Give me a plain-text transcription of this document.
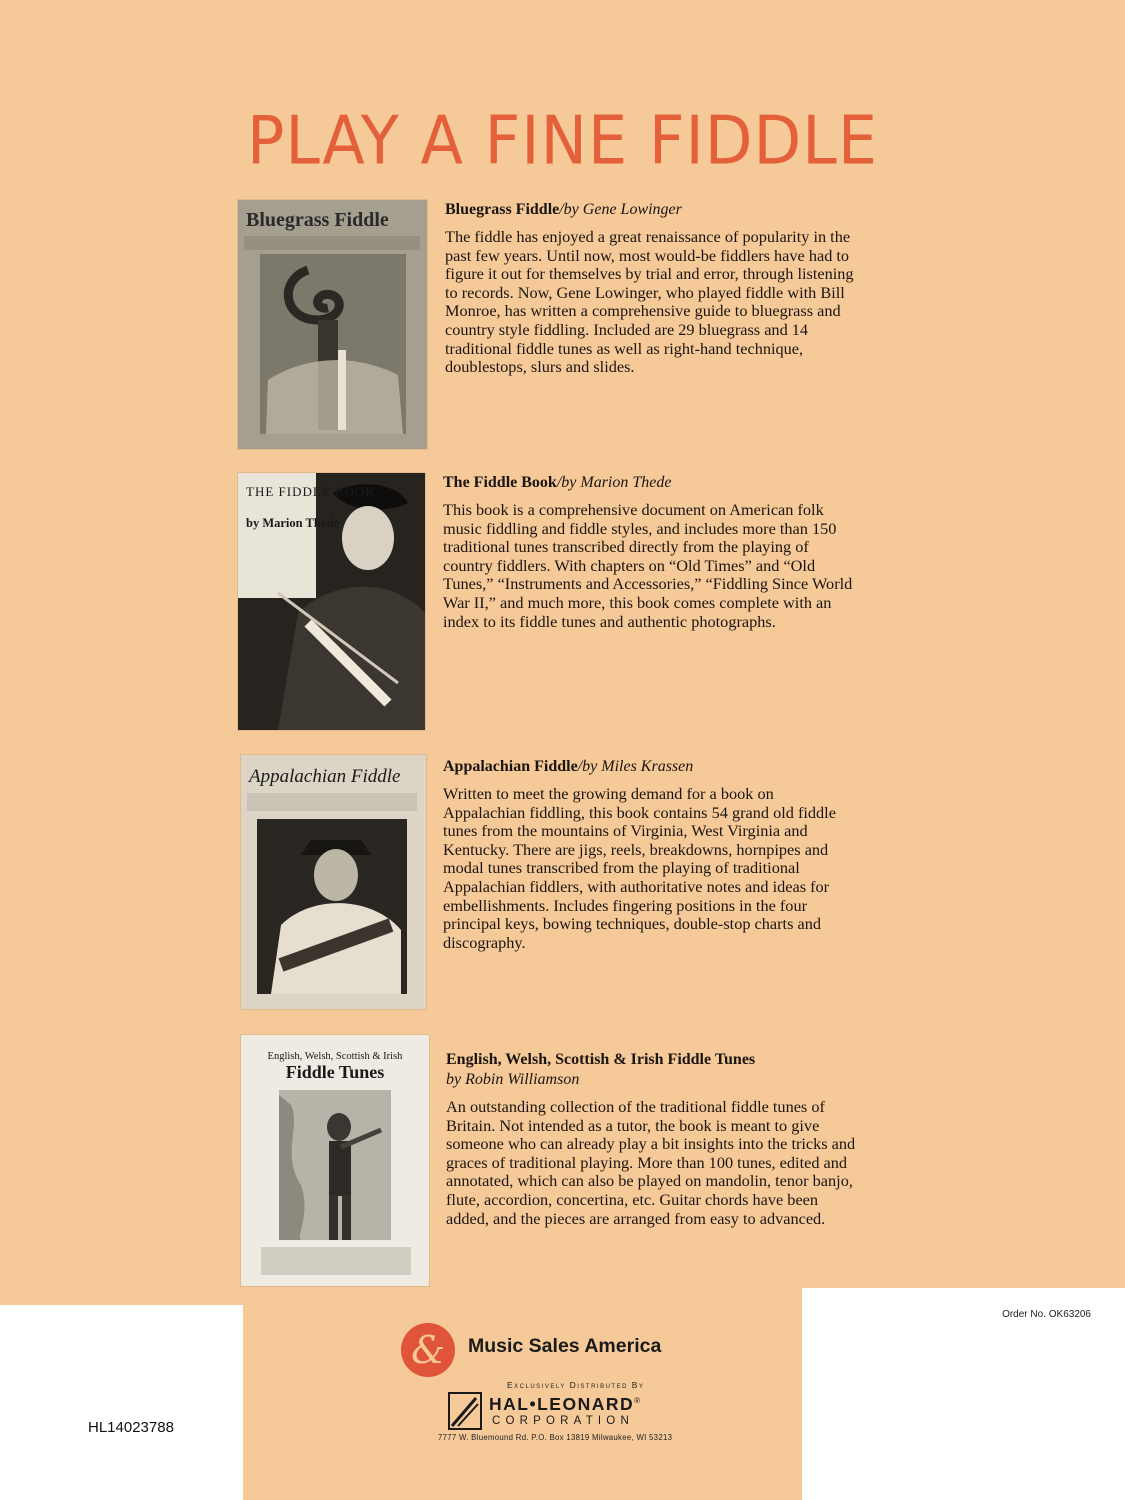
PLAY A FINE FIDDLE
Bluegrass Fiddle	Bluegrass Fiddle/by Gene Lowinger

The fiddle has enjoyed a great renaissance of popularity in the past few years. Until now, most would-be fiddlers have had to figure it out for themselves by trial and error, through listening to records. Now, Gene Lowinger, who played fiddle with Bill Monroe, has written a comprehensive guide to bluegrass and country style fiddling. Included are 29 bluegrass and 14 traditional fiddle tunes as well as right-hand technique, doublestops, slurs and slides.

THE FIDDLE BOOK
by Marion Thede

The Fiddle Book/by Marion Thede

This book is a comprehensive document on American folk music fiddling and fiddle styles, and includes more than 150 traditional tunes transcribed directly from the playing of country fiddlers. With chapters on “Old Times” and “Old Tunes,” “Instruments and Accessories,” “Fiddling Since World War II,” and much more, this book comes complete with an index to its fiddle tunes and authentic photographs.

Appalachian Fiddle	Appalachian Fiddle/by Miles Krassen

Written to meet the growing demand for a book on Appalachian fiddling, this book contains 54 grand old fiddle tunes from the mountains of Virginia, West Virginia and Kentucky. There are jigs, reels, breakdowns, hornpipes and modal tunes transcribed from the playing of traditional Appalachian fiddlers, with authoritative notes and ideas for embellishments. Includes fingering positions in the four principal keys, bowing techniques, double-stop charts and discography.

English, Welsh, Scottish & Irish
Fiddle Tunes

English, Welsh, Scottish & Irish Fiddle Tunes
by Robin Williamson

An outstanding collection of the traditional fiddle tunes of Britain. Not intended as a tutor, the book is meant to give someone who can already play a bit insights into the tricks and graces of traditional playing. More than 100 tunes, edited and annotated, which can also be played on mandolin, tenor banjo, flute, accordion, concertina, etc. Guitar chords have been added, and the pieces are arranged from easy to advanced.

Order No. OK63206
HL14023788
& Music Sales America
Exclusively Distributed By
HAL•LEONARD®
CORPORATION
7777 W. Bluemound Rd. P.O. Box 13819 Milwaukee, WI 53213
